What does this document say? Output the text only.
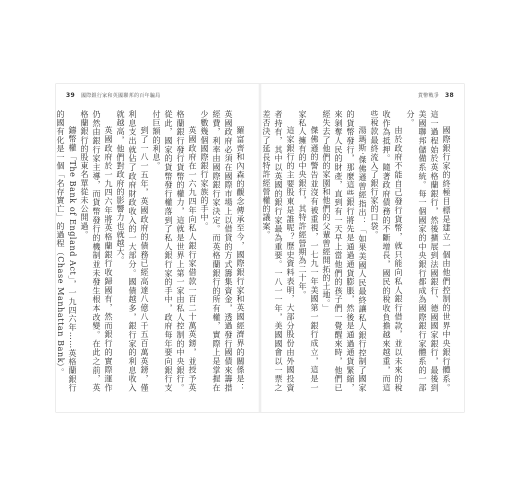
39 國際銀行家和英國聯邦的百年騙局

羅富齊和內森的觀念傳承至今，國際銀行家和英國經濟界的關係是：英國政府必須在國際市場上以借貸的方式籌集資金，透過發行國債來籌措經費，利率由國際銀行家決定。而英格蘭銀行的所有權，實際上是掌握在少數幾個國際銀行家族的手中。

英國政府在一六九四年向私人銀行家借款一百二十萬英鎊，並授予英格蘭銀行發行貨幣的權力，這就是世界上第一家由私人控制的中央銀行。從此，國家的貨幣發行權落到了私人銀行家的手中，政府每年要向銀行支付巨額的利息。

到了一八一五年，英國政府的債務已經高達八億八千五百萬英鎊，僅利息支出就佔了政府財政收入的一大部分。國債越多，銀行家的利息收入就越高，他們對政府的影響力也就越大。

英國政府於一九四六年將英格蘭銀行收歸國有，然而銀行的實際運作仍然由銀行家主導，而貨幣發行的機制並未發生根本改變。在此之前，英格蘭銀行的股東名單從未公開過。

鑄幣權「The Bank of England Act」，一九四六年……英格蘭銀行的國有化是一個「名存實亡」的過程（Chase Manhattan Bank）。

貨幣戰爭 38

國際銀行家的終極目標是建立一個由他們控制的世界中央銀行體系。這一過程始於英格蘭銀行，然後擴展到法國銀行、德國國家銀行，最後到美國聯邦儲備系統。每一個國家的中央銀行都成為國際銀行家體系的一部分。

由於政府不能自己發行貨幣，就只能向私人銀行借款，並以未來的稅收作為抵押。隨著政府債務的不斷增長，國民的稅收負擔越來越重，而這些稅款最終流入了銀行家的口袋。

湯瑪斯‧傑佛遜曾經指出：「如果美國人民最終讓私人銀行控制了國家的貨幣發行，那麼這些銀行將先是通過通貨膨脹，然後是通過通貨緊縮，來剝奪人民的財產，直到有一天早上當他們的孩子們一覺醒來時，他們已經失去了他們的家園和他們的父輩曾經開拓的土地。」

傑佛遜的警告並沒有被重視，一七九一年美國第一銀行成立，這是一家私人擁有的中央銀行，其特許經營期為二十年。

這家銀行的主要股東是誰呢？歷史資料表明，大部分股份由外國投資者持有，其中以英國的銀行家最為重要。一八一一年，美國國會以一票之差否決了延長特許經營權的議案。
